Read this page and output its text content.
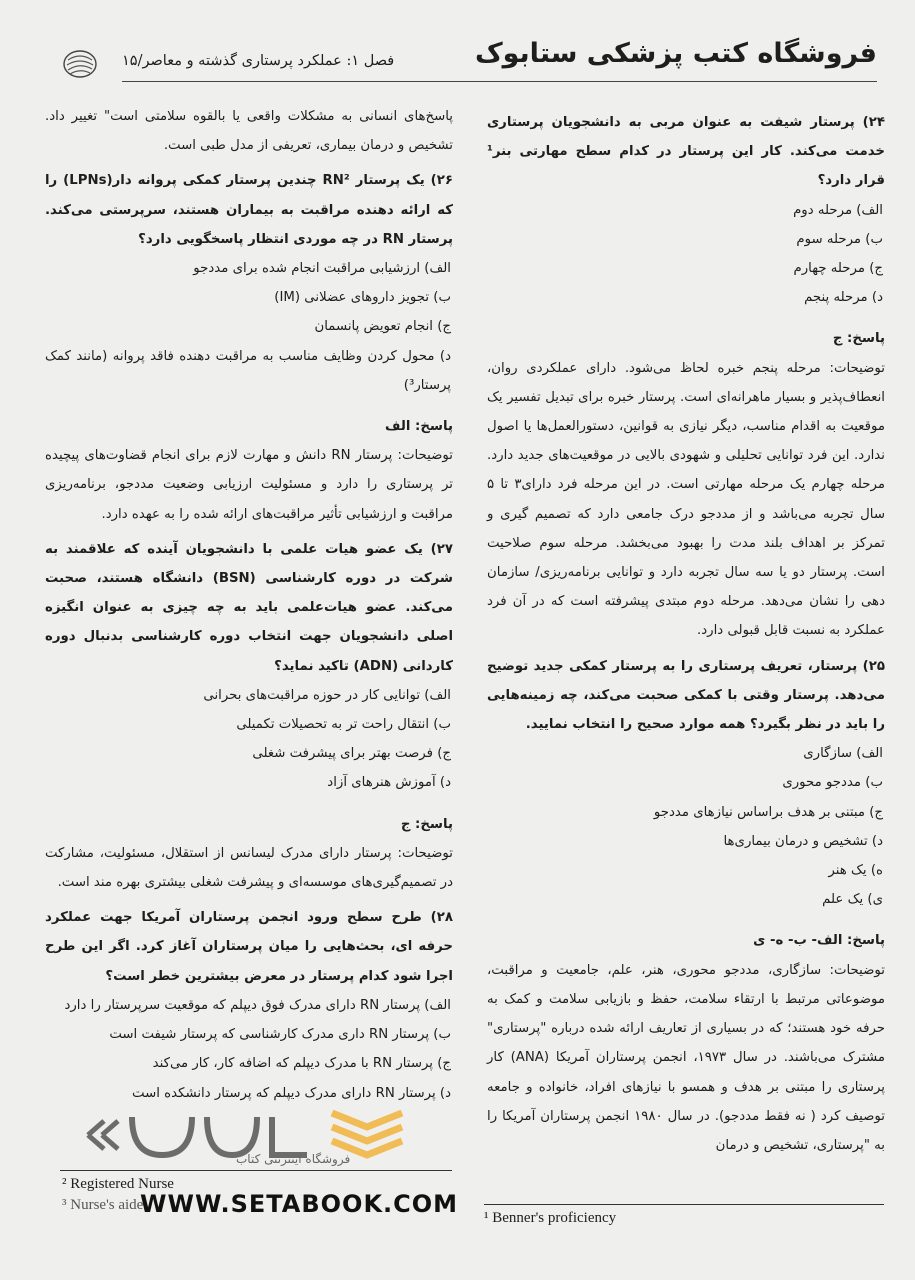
فصل ۱: عملکرد پرستاری گذشته و معاصر/۱۵	فروشگاه کتب پزشکی ستابوک

۲۴) پرستار شیفت به عنوان مربی به دانشجویان پرستاری خدمت می‌کند. کار این پرستار در کدام سطح مهارتی بنر¹ قرار دارد؟

الف) مرحله دوم

ب) مرحله سوم

ج) مرحله چهارم

د) مرحله پنجم

پاسخ: ج

توضیحات: مرحله پنجم خبره لحاظ می‌شود. دارای عملکردی روان، انعطاف‌پذیر و بسیار ماهرانه‌ای است. پرستار خبره برای تبدیل تفسیر یک موقعیت به اقدام مناسب، دیگر نیازی به قوانین، دستورالعمل‌ها یا اصول ندارد. این فرد توانایی تحلیلی و شهودی بالایی در موقعیت‌های جدید دارد. مرحله چهارم یک مرحله مهارتی است. در این مرحله فرد دارای۳ تا ۵ سال تجربه می‌باشد و از مددجو درک جامعی دارد که تصمیم گیری و تمرکز بر اهداف بلند مدت را بهبود می‌بخشد. مرحله سوم صلاحیت است. پرستار دو یا سه سال تجربه دارد و توانایی برنامه‌ریزی/ سازمان دهی را نشان می‌دهد. مرحله دوم مبتدی پیشرفته است که در آن فرد عملکرد به نسبت قابل قبولی دارد.

۲۵) پرستار، تعریف پرستاری را به پرستار کمکی جدید توضیح می‌دهد. پرستار وقتی با کمکی صحبت می‌کند، چه زمینه‌هایی را باید در نظر بگیرد؟ همه موارد صحیح را انتخاب نمایید.

الف) سازگاری

ب) مددجو محوری

ج) مبتنی بر هدف براساس نیازهای مددجو

د) تشخیص و درمان بیماری‌ها

ه) یک هنر

ی) یک علم

پاسخ: الف- ب- ه- ی

توضیحات: سازگاری، مددجو محوری، هنر، علم، جامعیت و مراقبت، موضوعاتی مرتبط با ارتقاء سلامت، حفظ و بازیابی سلامت و کمک به حرفه خود هستند؛ که در بسیاری از تعاریف ارائه شده درباره "پرستاری" مشترک می‌باشند. در سال ۱۹۷۳، انجمن پرستاران آمریکا (ANA) کار پرستاری را مبتنی بر هدف و همسو با نیازهای افراد، خانواده و جامعه توصیف کرد ( نه فقط مددجو). در سال ۱۹۸۰ انجمن پرستاران آمریکا را به "پرستاری، تشخیص و درمان

پاسخ‌های انسانی به مشکلات واقعی یا بالقوه سلامتی است" تغییر داد. تشخیص و درمان بیماری، تعریفی از مدل طبی است.

۲۶) یک پرستار RN² چندین پرستار کمکی پروانه دار(LPNs) را که ارائه دهنده مراقبت به بیماران هستند، سرپرستی می‌کند. پرستار RN در چه موردی انتظار پاسخگویی دارد؟

الف) ارزشیابی مراقبت انجام شده برای مددجو

ب) تجویز داروهای عضلانی (IM)

ج) انجام تعویض پانسمان

د) محول کردن وظایف مناسب به مراقبت دهنده فاقد پروانه (مانند کمک پرستار³)

پاسخ: الف

توضیحات: پرستار RN دانش و مهارت لازم برای انجام قضاوت‌های پیچیده تر پرستاری را دارد و مسئولیت ارزیابی وضعیت مددجو، برنامه‌ریزی مراقبت و ارزشیابی تأثیر مراقبت‌های ارائه شده را به عهده دارد.

۲۷) یک عضو هیات علمی با دانشجویان آینده که علاقمند به شرکت در دوره کارشناسی (BSN) دانشگاه هستند، صحبت می‌کند. عضو هیات‌علمی باید به چه چیزی به عنوان انگیزه اصلی دانشجویان جهت انتخاب دوره کارشناسی بدنبال دوره کاردانی (ADN) تاکید نماید؟

الف) توانایی کار در حوزه مراقبت‌های بحرانی

ب) انتقال راحت تر به تحصیلات تکمیلی

ج) فرصت بهتر برای پیشرفت شغلی

د) آموزش هنرهای آزاد

پاسخ: ج

توضیحات: پرستار دارای مدرک لیسانس از استقلال، مسئولیت، مشارکت در تصمیم‌گیری‌های موسسه‌ای و پیشرفت شغلی بیشتری بهره مند است.

۲۸) طرح سطح ورود انجمن پرستاران آمریکا جهت عملکرد حرفه ای، بحث‌هایی را میان پرستاران آغاز کرد. اگر این طرح اجرا شود کدام پرستار در معرض بیشترین خطر است؟

الف) پرستار RN دارای مدرک فوق دیپلم که موقعیت سرپرستار را دارد

ب) پرستار RN داری مدرک کارشناسی که پرستار شیفت است

ج) پرستار RN با مدرک دیپلم که اضافه کار، کار می‌کند

د) پرستار RN دارای مدرک دیپلم که پرستار دانشکده است

¹ Benner's proficiency
² Registered Nurse
³ Nurse's aide
فروشگاه اینترنتی کتاب
WWW.SETABOOK.COM
